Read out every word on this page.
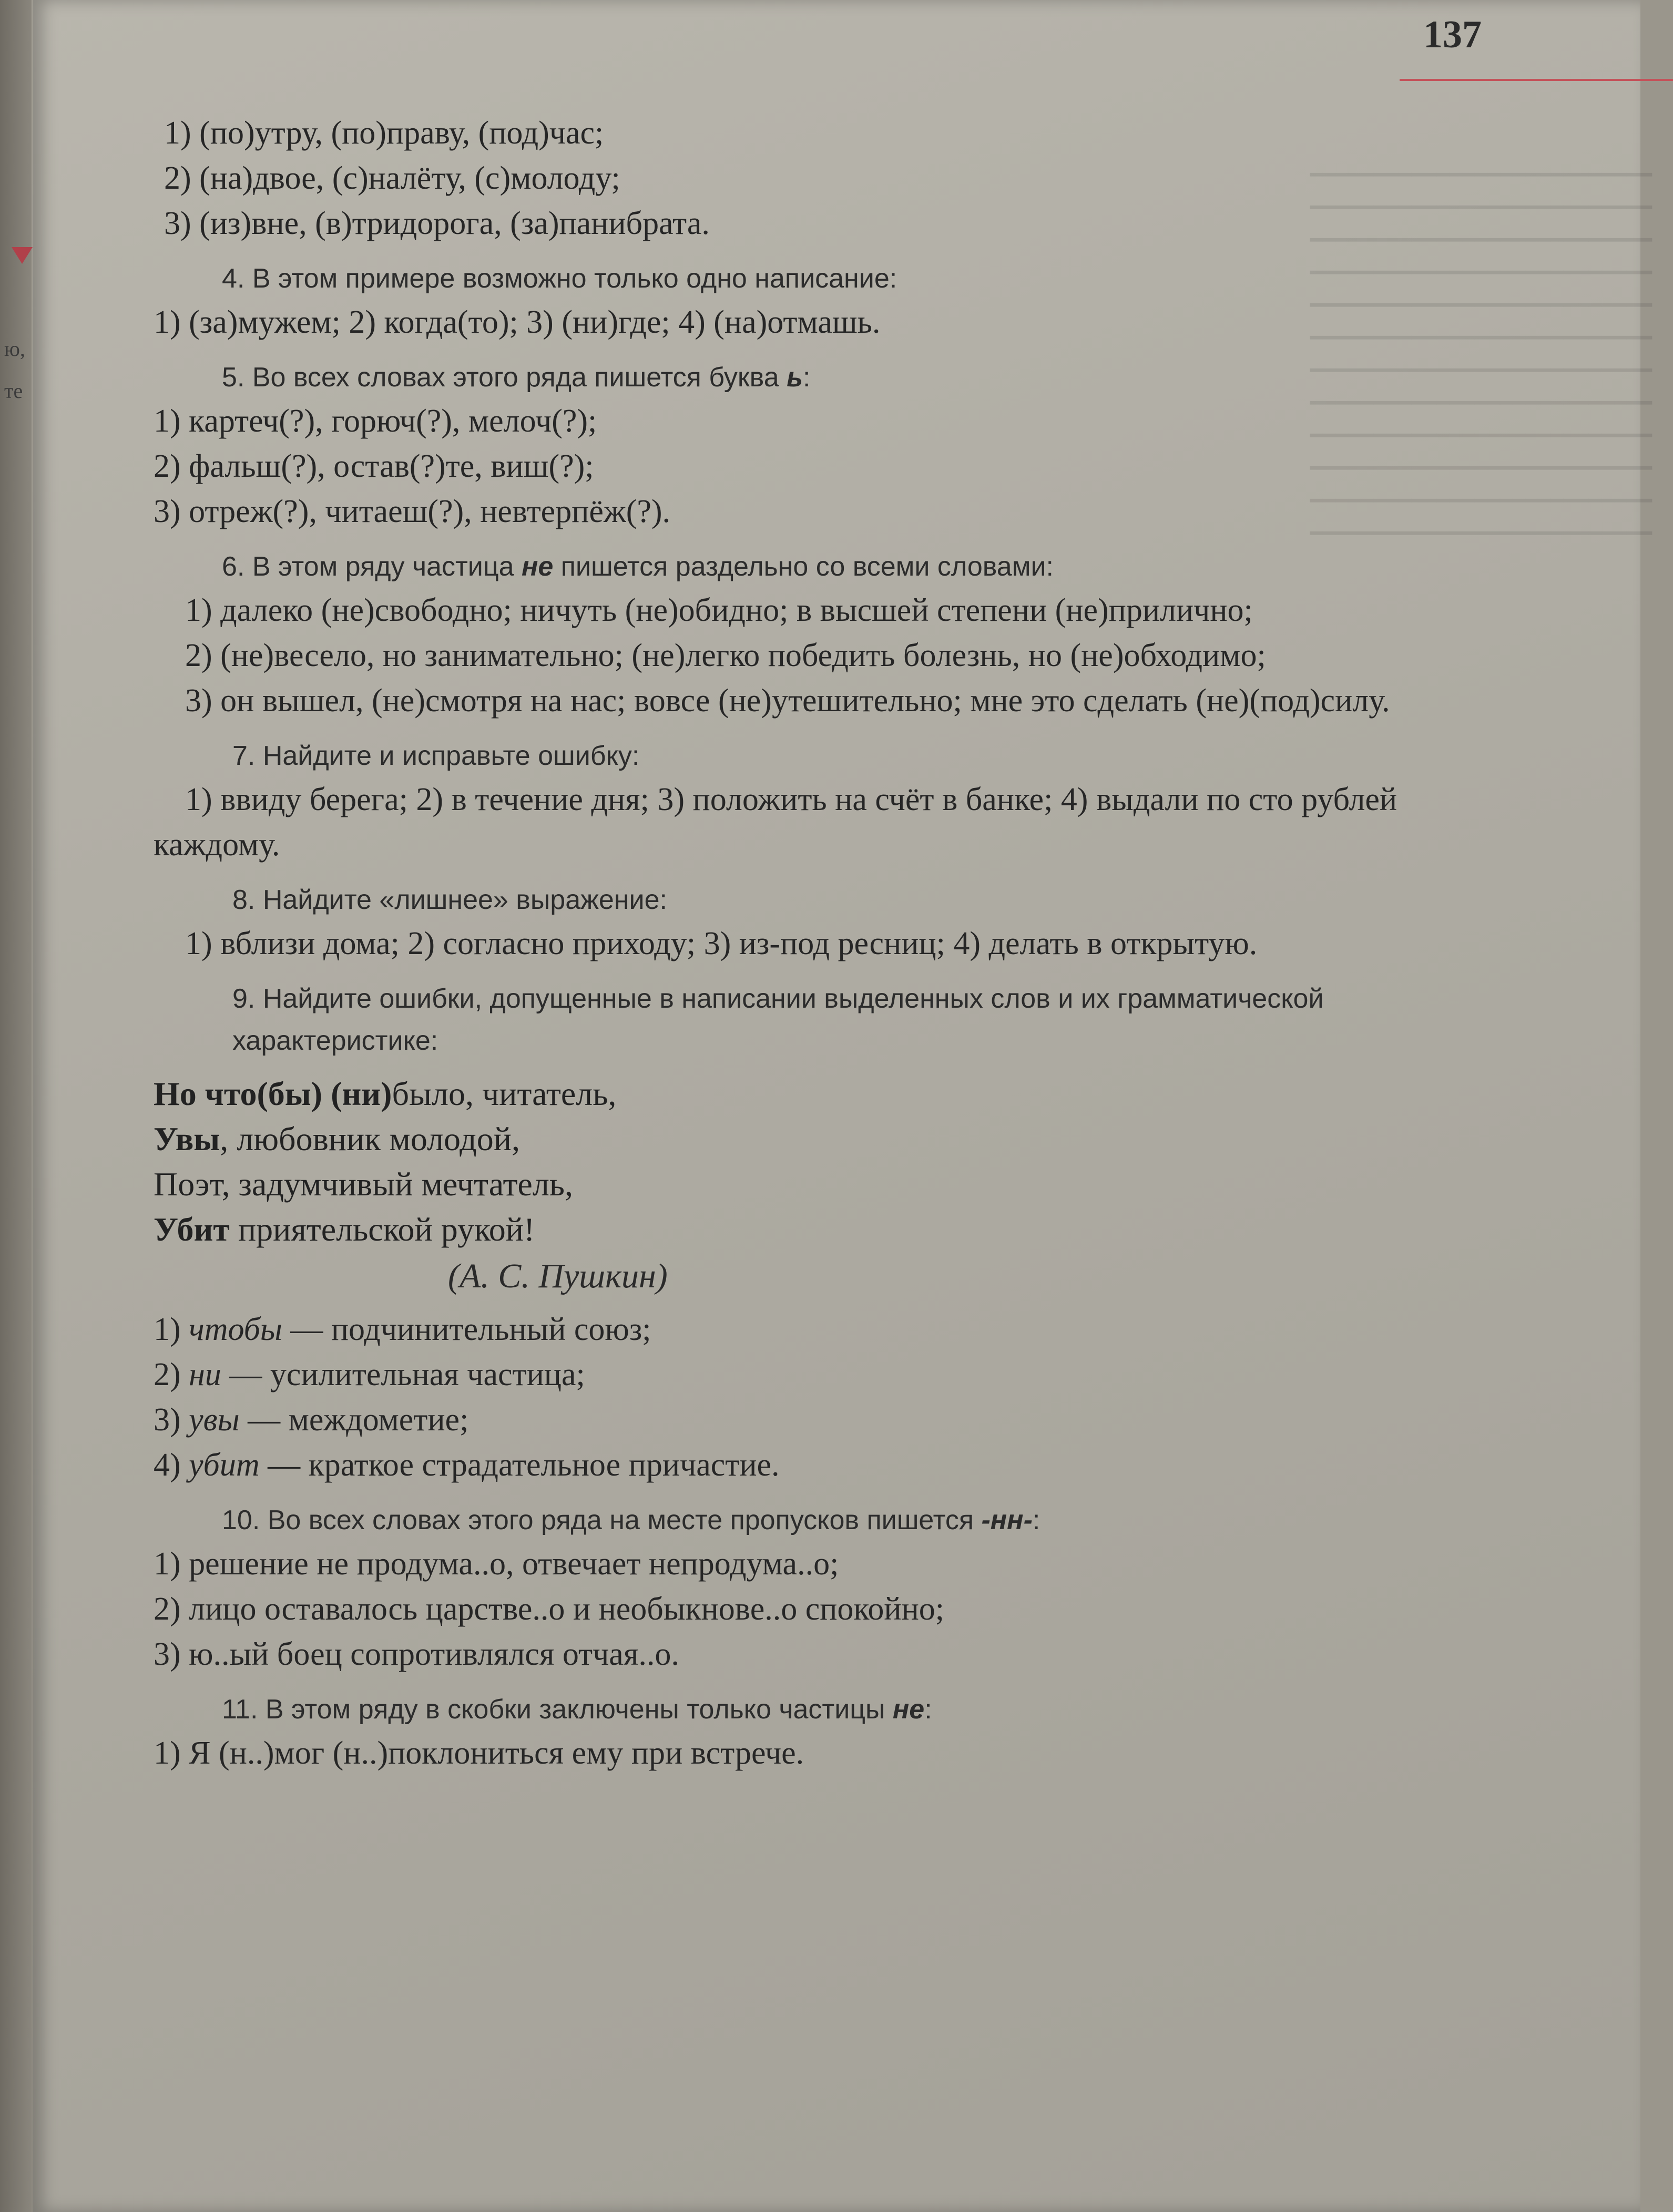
ю,
те
137

━━━━━━━━━━━━━━━━━━━━━━━━━━━
━━━━━━━━━━━━━━━━━━━━━━━━━━━
━━━━━━━━━━━━━━━━━━━━━━━━━━━
━━━━━━━━━━━━━━━━━━━━━━━━━━━
━━━━━━━━━━━━━━━━━━━━━━━━━━━
━━━━━━━━━━━━━━━━━━━━━━━━━━━
━━━━━━━━━━━━━━━━━━━━━━━━━━━
━━━━━━━━━━━━━━━━━━━━━━━━━━━
━━━━━━━━━━━━━━━━━━━━━━━━━━━
━━━━━━━━━━━━━━━━━━━━━━━━━━━
━━━━━━━━━━━━━━━━━━━━━━━━━━━
━━━━━━━━━━━━━━━━━━━━━━━━━━━

1) (по)утру, (по)праву, (под)час;
2) (на)двое, (с)налёту, (с)молоду;
3) (из)вне, (в)тридорога, (за)панибрата.
4. В этом примере возможно только одно написание:
1) (за)мужем; 2) когда(то); 3) (ни)где; 4) (на)отмашь.
5. Во всех словах этого ряда пишется буква ь:
1) картеч(?), горюч(?), мелоч(?);
2) фальш(?), остав(?)те, виш(?);
3) отреж(?), читаеш(?), невтерпёж(?).
6. В этом ряду частица не пишется раздельно со всеми словами:
1) далеко (не)свободно; ничуть (не)обидно; в высшей степени (не)прилично;
2) (не)весело, но занимательно; (не)легко победить болезнь, но (не)обходимо;
3) он вышел, (не)смотря на нас; вовсе (не)утешительно; мне это сделать (не)(под)силу.
7. Найдите и исправьте ошибку:
1) ввиду берега; 2) в течение дня; 3) положить на счёт в банке; 4) выдали по сто рублей каждому.
8. Найдите «лишнее» выражение:
1) вблизи дома; 2) согласно приходу; 3) из-под ресниц; 4) делать в открытую.
9. Найдите ошибки, допущенные в написании выделенных слов и их грамматической характеристике:
Но что(бы) (ни)было, читатель,
Увы, любовник молодой,
Поэт, задумчивый мечтатель,
Убит приятельской рукой!
(А. С. Пушкин)
1) чтобы — подчинительный союз;
2) ни — усилительная частица;
3) увы — междометие;
4) убит — краткое страдательное причастие.
10. Во всех словах этого ряда на месте пропусков пишется -нн-:
1) решение не продума..о, отвечает непродума..о;
2) лицо оставалось царстве..о и необыкнове..о спокойно;
3) ю..ый боец сопротивлялся отчая..о.
11. В этом ряду в скобки заключены только частицы не:
1) Я (н..)мог (н..)поклониться ему при встрече.
